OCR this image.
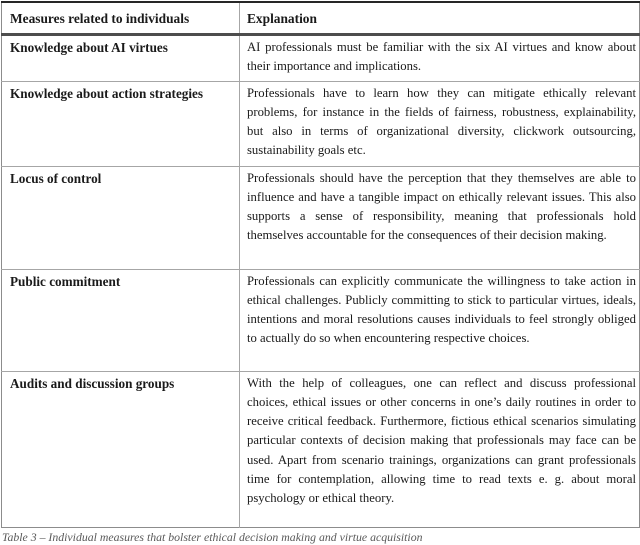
Measures related to individuals	Explanation
Knowledge about AI virtues	AI professionals must be familiar with the six AI virtues and know about their importance and implications.
Knowledge about action strategies	Professionals have to learn how they can mitigate ethically relevant problems, for instance in the fields of fairness, robustness, explainability, but also in terms of organizational diversity, clickwork outsourcing, sustainability goals etc.
Locus of control	Professionals should have the perception that they themselves are able to influence and have a tangible impact on ethically relevant issues. This also supports a sense of responsibility, meaning that professionals hold themselves accountable for the consequences of their decision making.
Public commitment	Professionals can explicitly communicate the willingness to take action in ethical challenges. Publicly committing to stick to particular virtues, ideals, intentions and moral resolutions causes individuals to feel strongly obliged to actually do so when encountering respective choices.
Audits and discussion groups	With the help of colleagues, one can reflect and discuss professional choices, ethical issues or other concerns in one’s daily routines in order to receive critical feedback. Furthermore, fictious ethical scenarios simulating particular contexts of decision making that professionals may face can be used. Apart from scenario trainings, organizations can grant professionals time for contemplation, allowing time to read texts e. g. about moral psychology or ethical theory.
Table 3 – Individual measures that bolster ethical decision making and virtue acquisition
